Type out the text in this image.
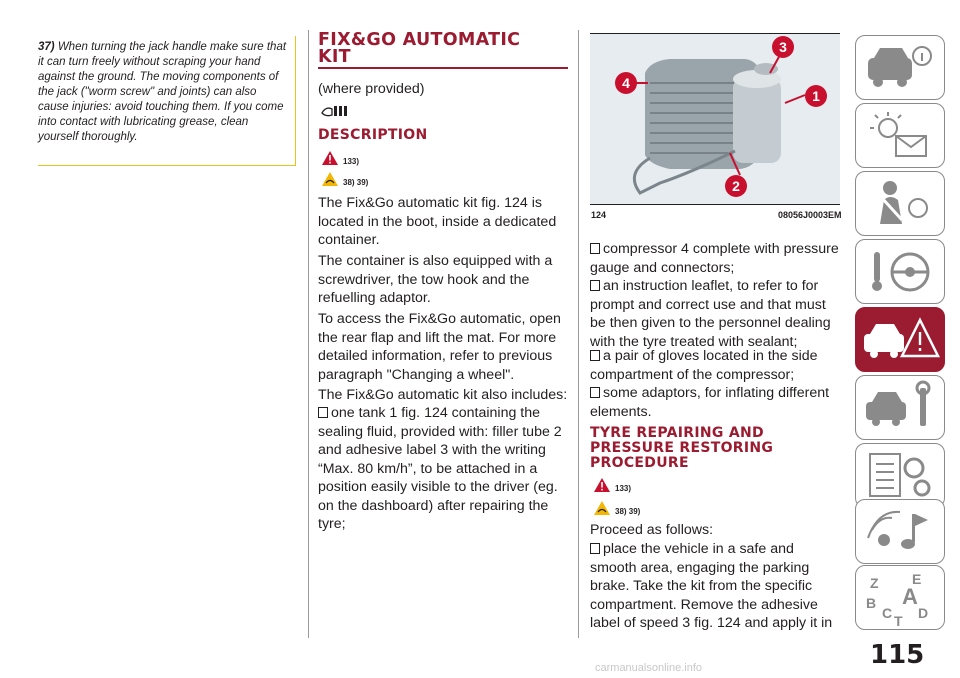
37) When turning the jack handle make sure that it can turn freely without scraping your hand against the ground. The moving components of the jack ("worm screw" and joints) can also cause injuries: avoid touching them. If you come into contact with lubricating grease, clean yourself thoroughly.
FIX&GO AUTOMATIC
KIT
(where provided)
DESCRIPTION
133)
38) 39)
The Fix&Go automatic kit fig. 124 is located in the boot, inside a dedicated container.
The container is also equipped with a screwdriver, the tow hook and the refuelling adaptor.
To access the Fix&Go automatic, open the rear flap and lift the mat. For more detailed information, refer to previous paragraph "Changing a wheel".
The Fix&Go automatic kit also includes:
one tank 1 fig. 124 containing the sealing fluid, provided with: filler tube 2 and adhesive label 3 with the writing “Max. 80 km/h”, to be attached in a position easily visible to the driver (eg. on the dashboard) after repairing the tyre;
1
2
3
4
124	08056J0003EM
compressor 4 complete with pressure gauge and connectors;
an instruction leaflet, to refer to for prompt and correct use and that must be then given to the personnel dealing with the tyre treated with sealant;
a pair of gloves located in the side compartment of the compressor;
some adaptors, for inflating different elements.
TYRE REPAIRING AND
PRESSURE RESTORING
PROCEDURE
133)
38) 39)
Proceed as follows:
place the vehicle in a safe and smooth area, engaging the parking brake. Take the kit from the specific compartment. Remove the adhesive label of speed 3 fig. 124 and apply it in
Z E
B A
C T D
115
carmanualsonline.info
